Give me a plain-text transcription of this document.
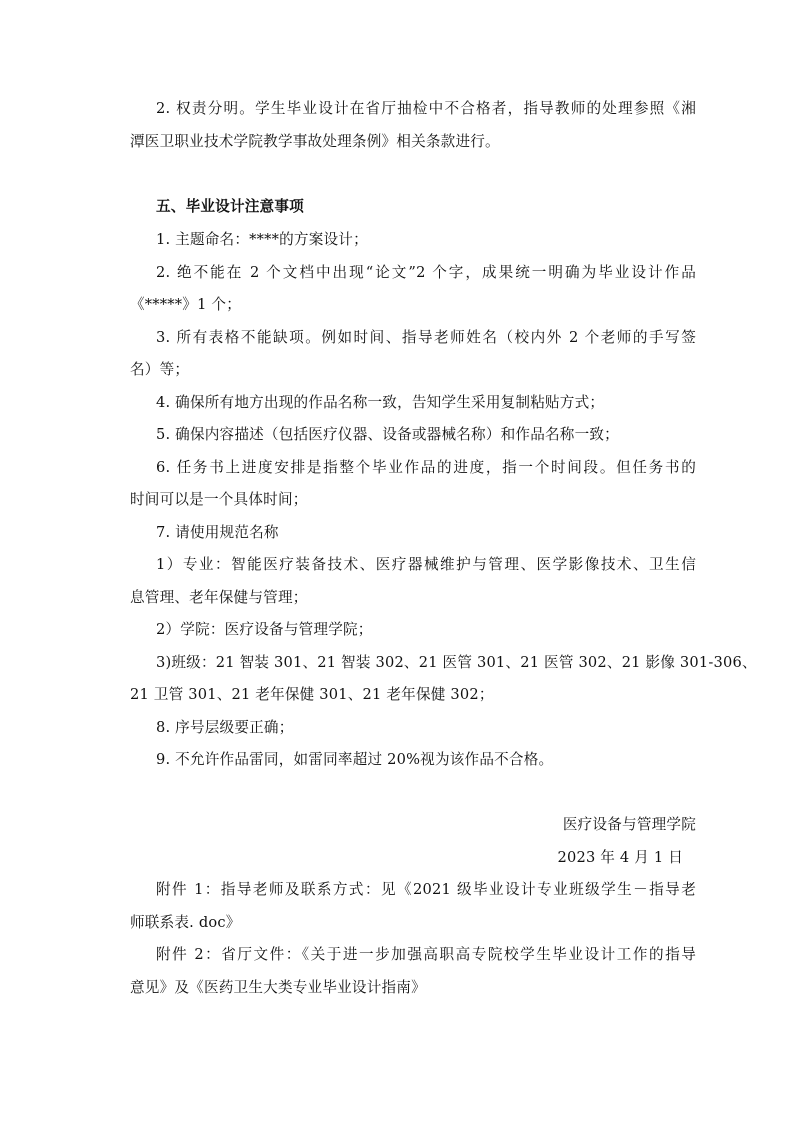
2. 权责分明。学生毕业设计在省厅抽检中不合格者，指导教师的处理参照《湘
潭医卫职业技术学院教学事故处理条例》相关条款进行。
五、毕业设计注意事项
1. 主题命名：****的方案设计；
2. 绝不能在 2 个文档中出现“论文”2 个字，成果统一明确为毕业设计作品
《*****》1 个；
3. 所有表格不能缺项。例如时间、指导老师姓名（校内外 2 个老师的手写签
名）等；
4. 确保所有地方出现的作品名称一致，告知学生采用复制粘贴方式；
5. 确保内容描述（包括医疗仪器、设备或器械名称）和作品名称一致；
6. 任务书上进度安排是指整个毕业作品的进度，指一个时间段。但任务书的
时间可以是一个具体时间；
7. 请使用规范名称
1）专业：智能医疗装备技术、医疗器械维护与管理、医学影像技术、卫生信
息管理、老年保健与管理；
2）学院：医疗设备与管理学院；
3)班级：21 智装 301、21 智装 302、21 医管 301、21 医管 302、21 影像 301-306、
21 卫管 301、21 老年保健 301、21 老年保健 302；
8. 序号层级要正确；
9. 不允许作品雷同，如雷同率超过 20%视为该作品不合格。
医疗设备与管理学院
2023 年 4 月 1 日
附件 1：指导老师及联系方式：见《2021 级毕业设计专业班级学生－指导老
师联系表. doc》
附件 2：省厅文件：《关于进一步加强高职高专院校学生毕业设计工作的指导
意见》及《医药卫生大类专业毕业设计指南》
